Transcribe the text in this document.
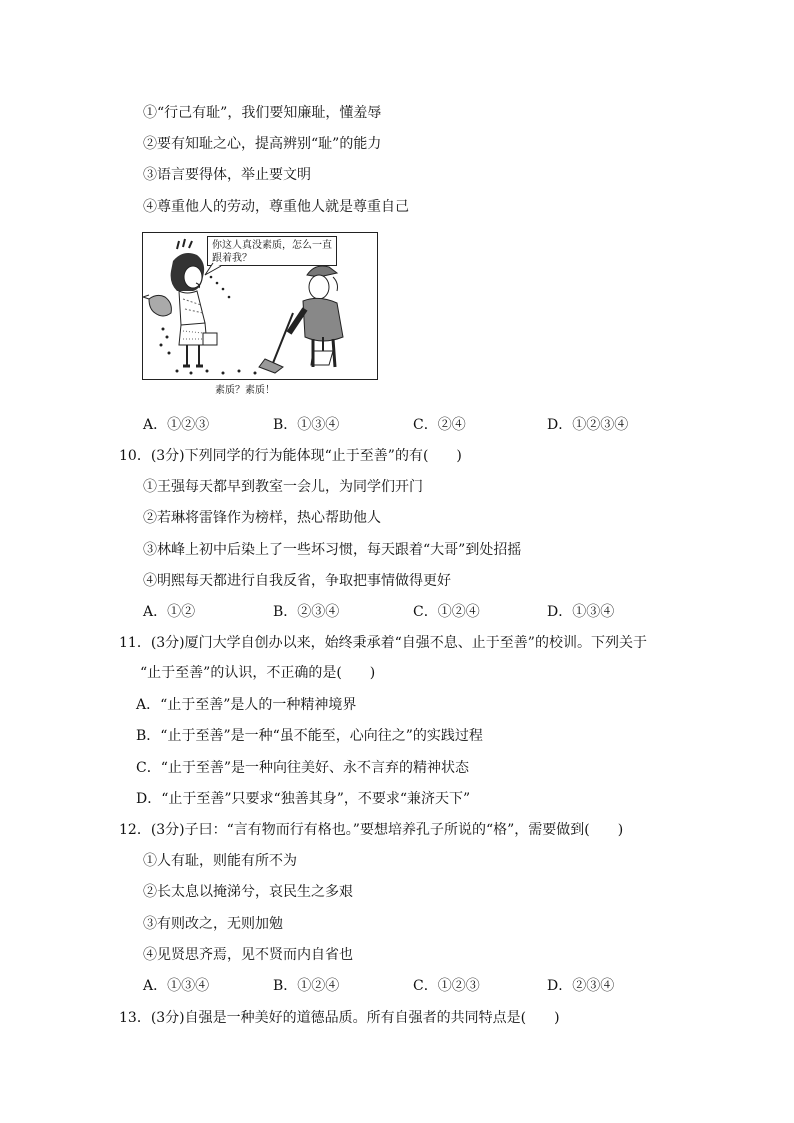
①“行己有耻”，我们要知廉耻，懂羞辱
②要有知耻之心，提高辨别“耻”的能力
③语言要得体，举止要文明
④尊重他人的劳动，尊重他人就是尊重自己
你这人真没素质，怎么一直跟着我？
素质？素质！
A．①②③	B．①③④	C．②④	D．①②③④
10．(3分)下列同学的行为能体现“止于至善”的有(　　)
①王强每天都早到教室一会儿，为同学们开门
②若琳将雷锋作为榜样，热心帮助他人
③林峰上初中后染上了一些坏习惯，每天跟着“大哥”到处招摇
④明熙每天都进行自我反省，争取把事情做得更好
A．①②	B．②③④	C．①②④	D．①③④
11．(3分)厦门大学自创办以来，始终秉承着“自强不息、止于至善”的校训。下列关于
“止于至善”的认识，不正确的是(　　)
A．“止于至善”是人的一种精神境界
B．“止于至善”是一种“虽不能至，心向往之”的实践过程
C．“止于至善”是一种向往美好、永不言弃的精神状态
D．“止于至善”只要求“独善其身”，不要求“兼济天下”
12．(3分)子曰：“言有物而行有格也。”要想培养孔子所说的“格”，需要做到(　　)
①人有耻，则能有所不为
②长太息以掩涕兮，哀民生之多艰
③有则改之，无则加勉
④见贤思齐焉，见不贤而内自省也
A．①③④	B．①②④	C．①②③	D．②③④
13．(3分)自强是一种美好的道德品质。所有自强者的共同特点是(　　)
